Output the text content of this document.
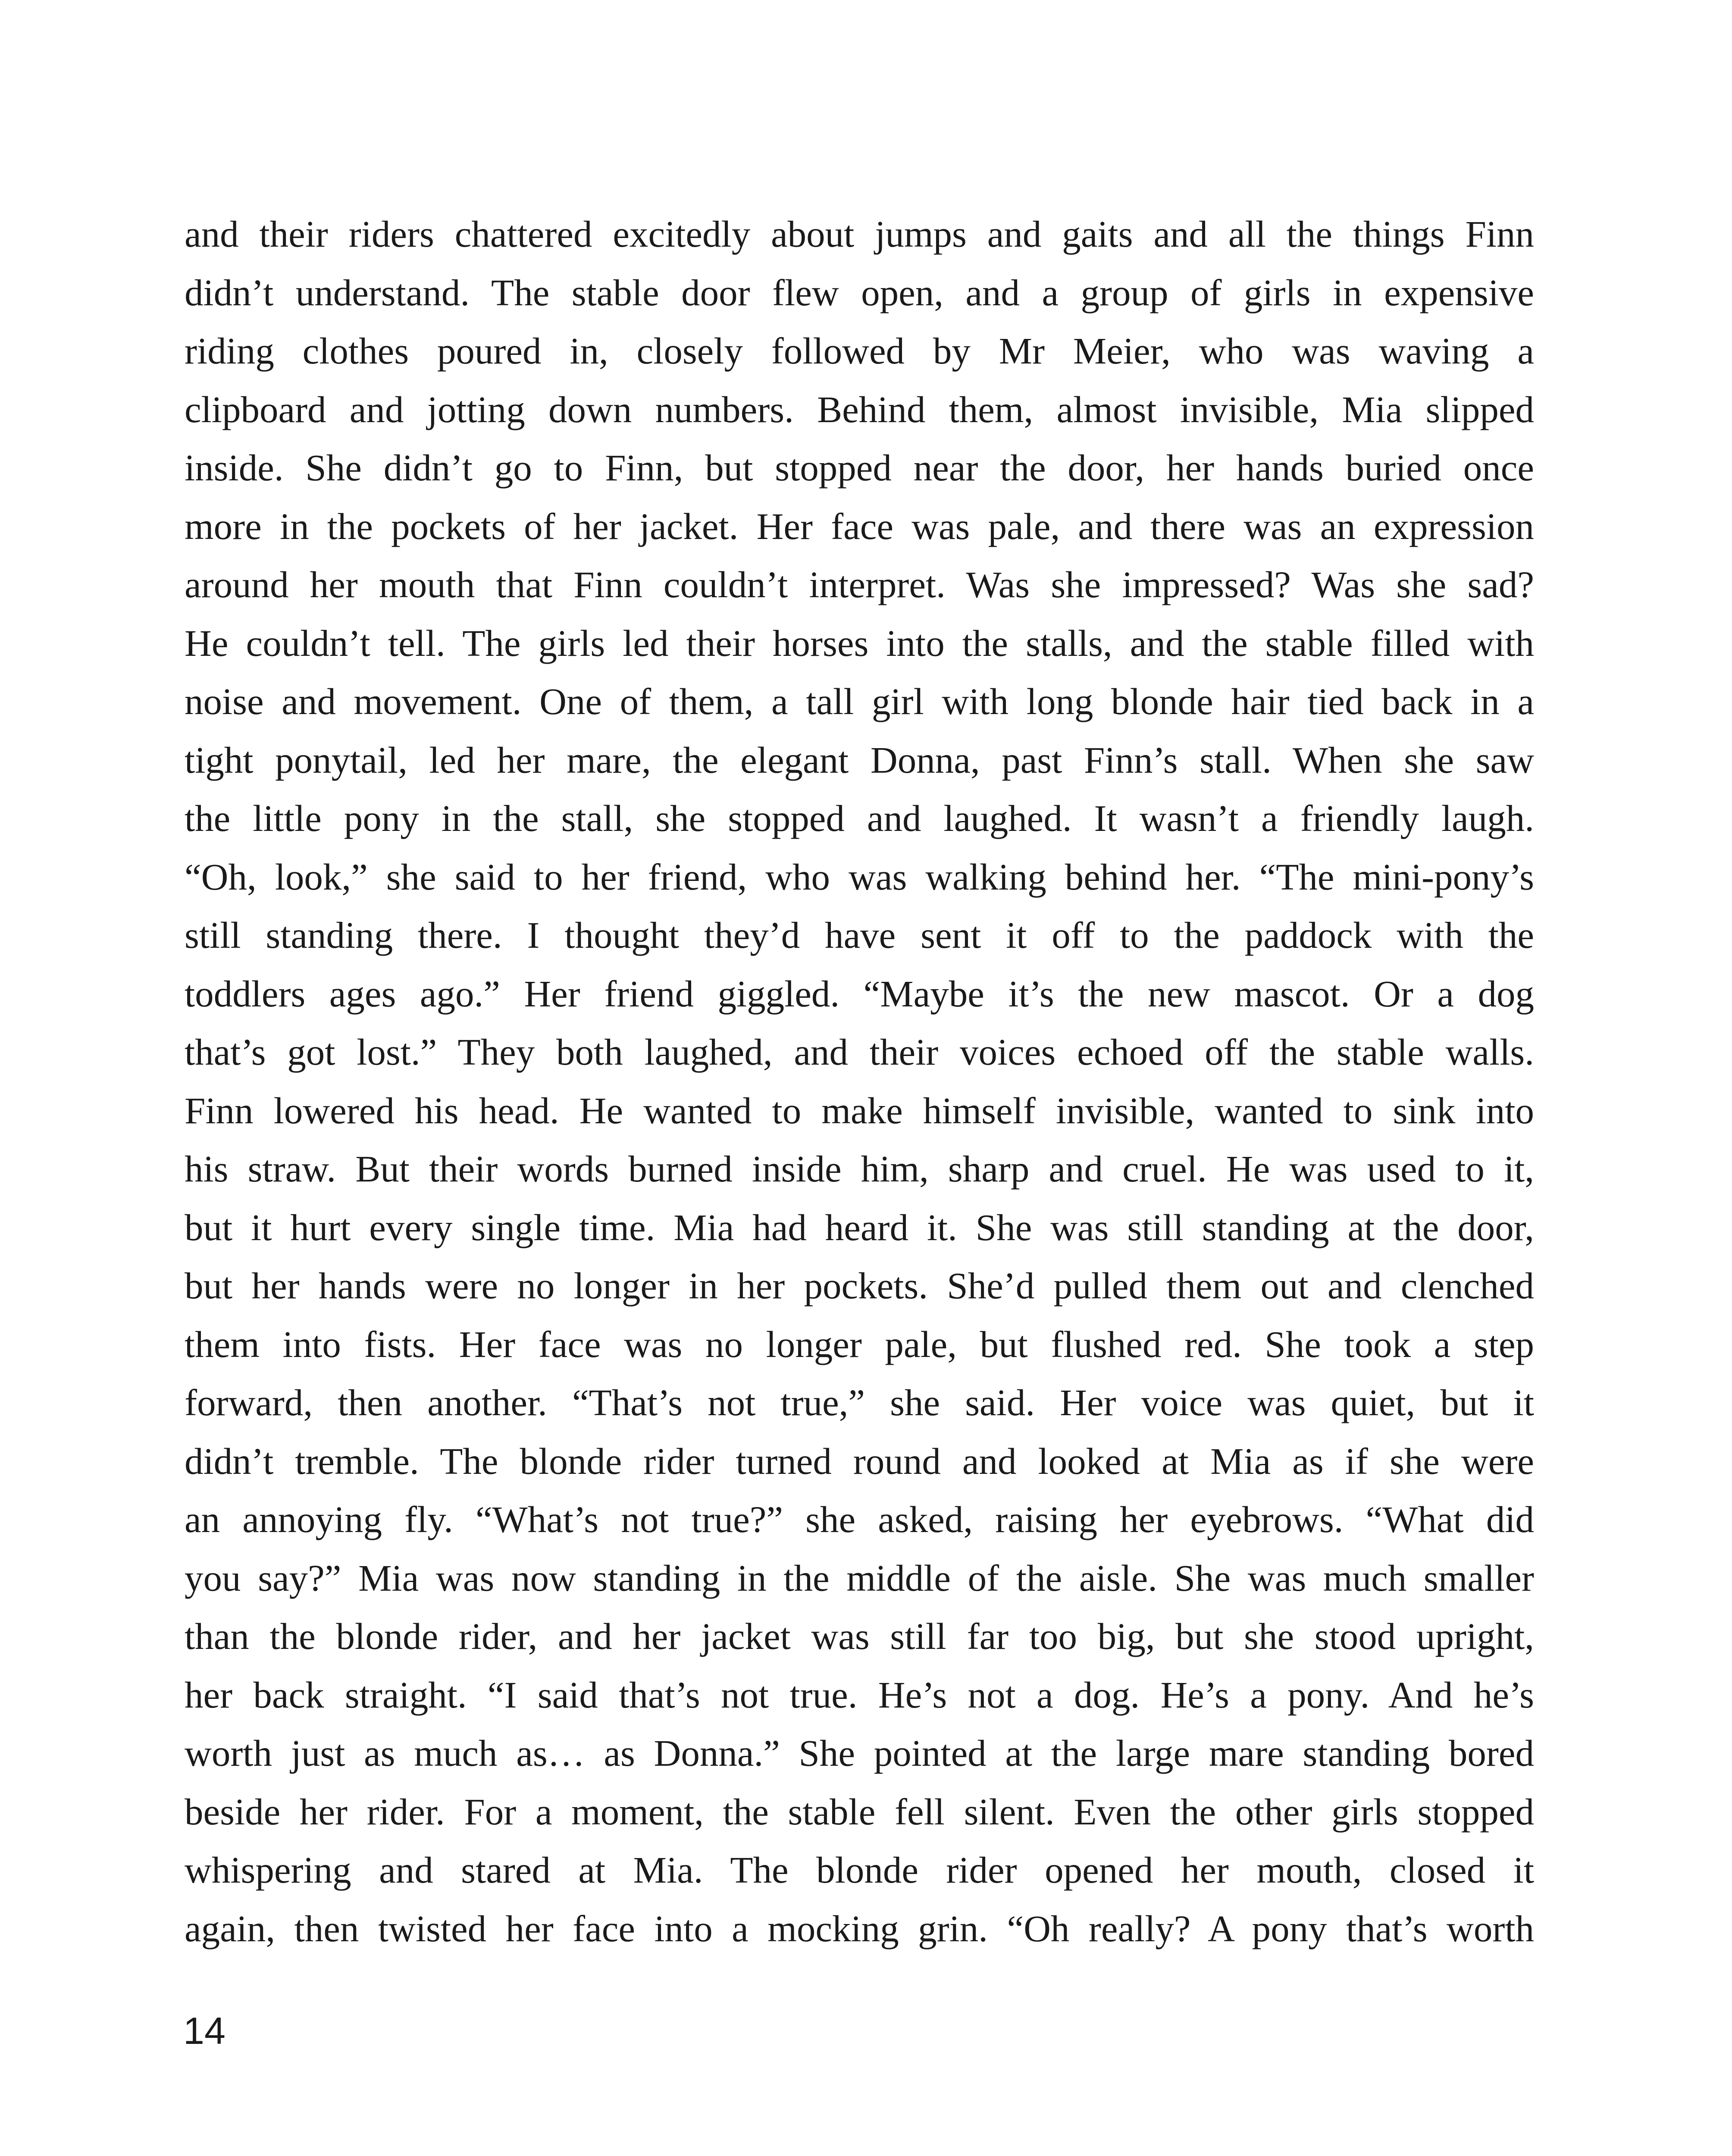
and their riders chattered excitedly about jumps and gaits and all the things Finn
didn’t understand. The stable door flew open, and a group of girls in expensive
riding clothes poured in, closely followed by Mr Meier, who was waving a
clipboard and jotting down numbers. Behind them, almost invisible, Mia slipped
inside. She didn’t go to Finn, but stopped near the door, her hands buried once
more in the pockets of her jacket. Her face was pale, and there was an expression
around her mouth that Finn couldn’t interpret. Was she impressed? Was she sad?
He couldn’t tell. The girls led their horses into the stalls, and the stable filled with
noise and movement. One of them, a tall girl with long blonde hair tied back in a
tight ponytail, led her mare, the elegant Donna, past Finn’s stall. When she saw
the little pony in the stall, she stopped and laughed. It wasn’t a friendly laugh.
“Oh, look,” she said to her friend, who was walking behind her. “The mini-pony’s
still standing there. I thought they’d have sent it off to the paddock with the
toddlers ages ago.” Her friend giggled. “Maybe it’s the new mascot. Or a dog
that’s got lost.” They both laughed, and their voices echoed off the stable walls.
Finn lowered his head. He wanted to make himself invisible, wanted to sink into
his straw. But their words burned inside him, sharp and cruel. He was used to it,
but it hurt every single time. Mia had heard it. She was still standing at the door,
but her hands were no longer in her pockets. She’d pulled them out and clenched
them into fists. Her face was no longer pale, but flushed red. She took a step
forward, then another. “That’s not true,” she said. Her voice was quiet, but it
didn’t tremble. The blonde rider turned round and looked at Mia as if she were
an annoying fly. “What’s not true?” she asked, raising her eyebrows. “What did
you say?” Mia was now standing in the middle of the aisle. She was much smaller
than the blonde rider, and her jacket was still far too big, but she stood upright,
her back straight. “I said that’s not true. He’s not a dog. He’s a pony. And he’s
worth just as much as… as Donna.” She pointed at the large mare standing bored
beside her rider. For a moment, the stable fell silent. Even the other girls stopped
whispering and stared at Mia. The blonde rider opened her mouth, closed it
again, then twisted her face into a mocking grin. “Oh really? A pony that’s worth
14
